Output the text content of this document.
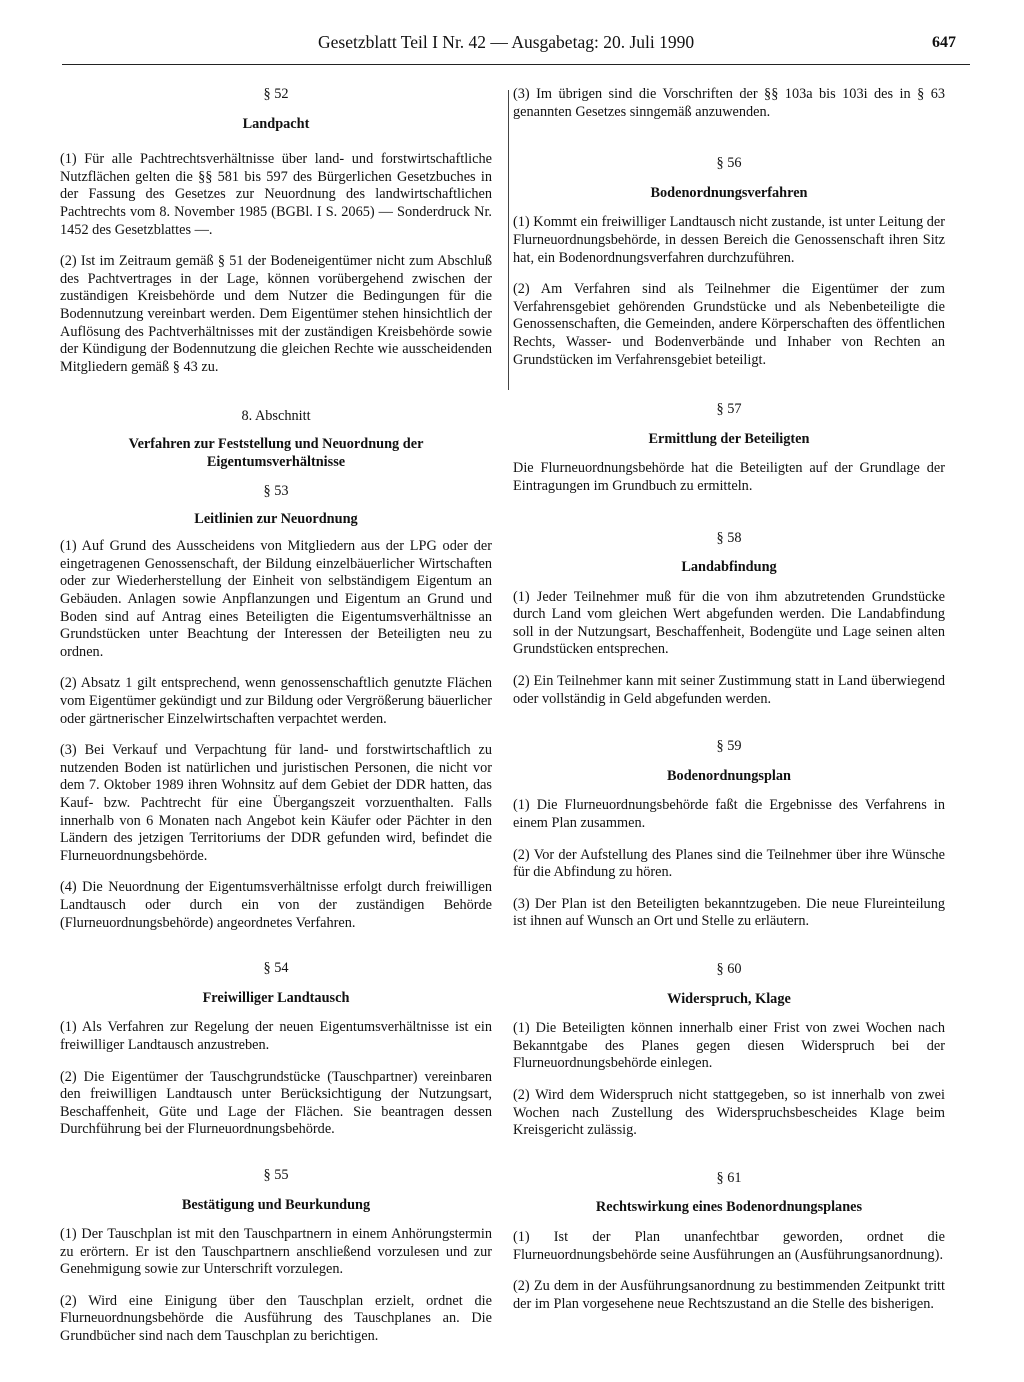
Gesetzblatt Teil I Nr. 42 — Ausgabetag: 20. Juli 1990	647

§ 52

Landpacht

(1) Für alle Pachtrechtsverhältnisse über land- und forstwirtschaftliche Nutzflächen gelten die §§ 581 bis 597 des Bürgerlichen Gesetzbuches in der Fassung des Gesetzes zur Neuordnung des landwirtschaftlichen Pachtrechts vom 8. November 1985 (BGBl. I S. 2065) — Sonderdruck Nr. 1452 des Gesetzblattes —.

(2) Ist im Zeitraum gemäß § 51 der Bodeneigentümer nicht zum Abschluß des Pachtvertrages in der Lage, können vorübergehend zwischen der zuständigen Kreisbehörde und dem Nutzer die Bedingungen für die Bodennutzung vereinbart werden. Dem Eigentümer stehen hinsichtlich der Auflösung des Pachtverhältnisses mit der zuständigen Kreisbehörde sowie der Kündigung der Bodennutzung die gleichen Rechte wie ausscheidenden Mitgliedern gemäß § 43 zu.

8. Abschnitt

Verfahren zur Feststellung und Neuordnung der Eigentumsverhältnisse

§ 53

Leitlinien zur Neuordnung

(1) Auf Grund des Ausscheidens von Mitgliedern aus der LPG oder der eingetragenen Genossenschaft, der Bildung einzelbäuerlicher Wirtschaften oder zur Wiederherstellung der Einheit von selbständigem Eigentum an Gebäuden. Anlagen sowie Anpflanzungen und Eigentum an Grund und Boden sind auf Antrag eines Beteiligten die Eigentumsverhältnisse an Grundstücken unter Beachtung der Interessen der Beteiligten neu zu ordnen.

(2) Absatz 1 gilt entsprechend, wenn genossenschaftlich genutzte Flächen vom Eigentümer gekündigt und zur Bildung oder Vergrößerung bäuerlicher oder gärtnerischer Einzelwirtschaften verpachtet werden.

(3) Bei Verkauf und Verpachtung für land- und forstwirtschaftlich zu nutzenden Boden ist natürlichen und juristischen Personen, die nicht vor dem 7. Oktober 1989 ihren Wohnsitz auf dem Gebiet der DDR hatten, das Kauf- bzw. Pachtrecht für eine Übergangszeit vorzuenthalten. Falls innerhalb von 6 Monaten nach Angebot kein Käufer oder Pächter in den Ländern des jetzigen Territoriums der DDR gefunden wird, befindet die Flurneuordnungsbehörde.

(4) Die Neuordnung der Eigentumsverhältnisse erfolgt durch freiwilligen Landtausch oder durch ein von der zuständigen Behörde (Flurneuordnungsbehörde) angeordnetes Verfahren.

§ 54

Freiwilliger Landtausch

(1) Als Verfahren zur Regelung der neuen Eigentumsverhältnisse ist ein freiwilliger Landtausch anzustreben.

(2) Die Eigentümer der Tauschgrundstücke (Tauschpartner) vereinbaren den freiwilligen Landtausch unter Berücksichtigung der Nutzungsart, Beschaffenheit, Güte und Lage der Flächen. Sie beantragen dessen Durchführung bei der Flurneuordnungsbehörde.

§ 55

Bestätigung und Beurkundung

(1) Der Tauschplan ist mit den Tauschpartnern in einem Anhörungstermin zu erörtern. Er ist den Tauschpartnern anschließend vorzulesen und zur Genehmigung sowie zur Unterschrift vorzulegen.

(2) Wird eine Einigung über den Tauschplan erzielt, ordnet die Flurneuordnungsbehörde die Ausführung des Tauschplanes an. Die Grundbücher sind nach dem Tauschplan zu berichtigen.

(3) Im übrigen sind die Vorschriften der §§ 103a bis 103i des in § 63 genannten Gesetzes sinngemäß anzuwenden.

§ 56

Bodenordnungsverfahren

(1) Kommt ein freiwilliger Landtausch nicht zustande, ist unter Leitung der Flurneuordnungsbehörde, in dessen Bereich die Genossenschaft ihren Sitz hat, ein Bodenordnungsverfahren durchzuführen.

(2) Am Verfahren sind als Teilnehmer die Eigentümer der zum Verfahrensgebiet gehörenden Grundstücke und als Nebenbeteiligte die Genossenschaften, die Gemeinden, andere Körperschaften des öffentlichen Rechts, Wasser- und Bodenverbände und Inhaber von Rechten an Grundstücken im Verfahrensgebiet beteiligt.

§ 57

Ermittlung der Beteiligten

Die Flurneuordnungsbehörde hat die Beteiligten auf der Grundlage der Eintragungen im Grundbuch zu ermitteln.

§ 58

Landabfindung

(1) Jeder Teilnehmer muß für die von ihm abzutretenden Grundstücke durch Land vom gleichen Wert abgefunden werden. Die Landabfindung soll in der Nutzungsart, Beschaffenheit, Bodengüte und Lage seinen alten Grundstücken entsprechen.

(2) Ein Teilnehmer kann mit seiner Zustimmung statt in Land überwiegend oder vollständig in Geld abgefunden werden.

§ 59

Bodenordnungsplan

(1) Die Flurneuordnungsbehörde faßt die Ergebnisse des Verfahrens in einem Plan zusammen.

(2) Vor der Aufstellung des Planes sind die Teilnehmer über ihre Wünsche für die Abfindung zu hören.

(3) Der Plan ist den Beteiligten bekanntzugeben. Die neue Flureinteilung ist ihnen auf Wunsch an Ort und Stelle zu erläutern.

§ 60

Widerspruch, Klage

(1) Die Beteiligten können innerhalb einer Frist von zwei Wochen nach Bekanntgabe des Planes gegen diesen Widerspruch bei der Flurneuordnungsbehörde einlegen.

(2) Wird dem Widerspruch nicht stattgegeben, so ist innerhalb von zwei Wochen nach Zustellung des Widerspruchsbescheides Klage beim Kreisgericht zulässig.

§ 61

Rechtswirkung eines Bodenordnungsplanes

(1) Ist der Plan unanfechtbar geworden, ordnet die Flurneuordnungsbehörde seine Ausführungen an (Ausführungsanordnung).

(2) Zu dem in der Ausführungsanordnung zu bestimmenden Zeitpunkt tritt der im Plan vorgesehene neue Rechtszustand an die Stelle des bisherigen.
